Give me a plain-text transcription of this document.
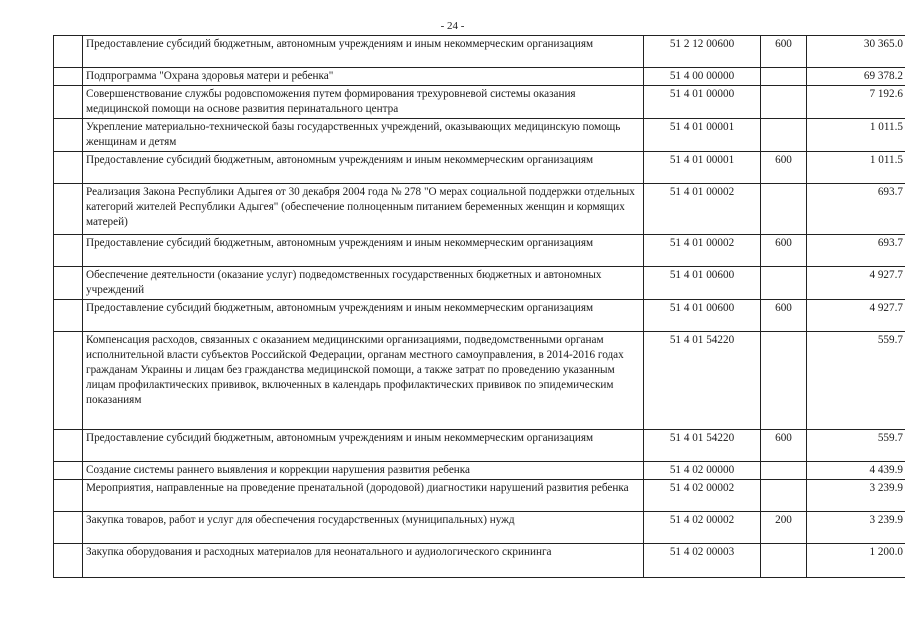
- 24 -
	Предоставление субсидий бюджетным, автономным учреждениям и иным некоммерческим организациям	51 2 12 00600	600	30 365.0
	Подпрограмма "Охрана здоровья матери и ребенка"	51 4 00 00000		69 378.2
	Совершенствование службы родовспоможения путем формирования трехуровневой системы оказания медицинской помощи на основе развития перинатального центра	51 4 01 00000		7 192.6
	Укрепление материально-технической базы государственных учреждений, оказывающих медицинскую помощь женщинам и детям	51 4 01 00001		1 011.5
	Предоставление субсидий бюджетным, автономным учреждениям и иным некоммерческим организациям	51 4 01 00001	600	1 011.5
	Реализация Закона Республики Адыгея от 30 декабря 2004 года № 278 "О мерах социальной поддержки отдельных категорий жителей Республики Адыгея" (обеспечение полноценным питанием беременных женщин и кормящих матерей)	51 4 01 00002		693.7
	Предоставление субсидий бюджетным, автономным учреждениям и иным некоммерческим организациям	51 4 01 00002	600	693.7
	Обеспечение деятельности (оказание услуг) подведомственных государственных бюджетных и автономных учреждений	51 4 01 00600		4 927.7
	Предоставление субсидий бюджетным, автономным учреждениям и иным некоммерческим организациям	51 4 01 00600	600	4 927.7
	Компенсация расходов, связанных с оказанием медицинскими организациями, подведомственными органам исполнительной власти субъектов Российской Федерации, органам местного самоуправления, в 2014-2016 годах гражданам Украины и лицам без гражданства медицинской помощи, а также затрат по проведению указанным лицам профилактических прививок, включенных в календарь профилактических прививок по эпидемическим показаниям	51 4 01 54220		559.7
	Предоставление субсидий бюджетным, автономным учреждениям и иным некоммерческим организациям	51 4 01 54220	600	559.7
	Создание системы раннего выявления и коррекции нарушения развития ребенка	51 4 02 00000		4 439.9
	Мероприятия, направленные на проведение пренатальной (дородовой) диагностики нарушений развития ребенка	51 4 02 00002		3 239.9
	Закупка товаров, работ и услуг для обеспечения государственных (муниципальных) нужд	51 4 02 00002	200	3 239.9
	Закупка оборудования и расходных материалов для неонатального и аудиологического скрининга	51 4 02 00003		1 200.0
